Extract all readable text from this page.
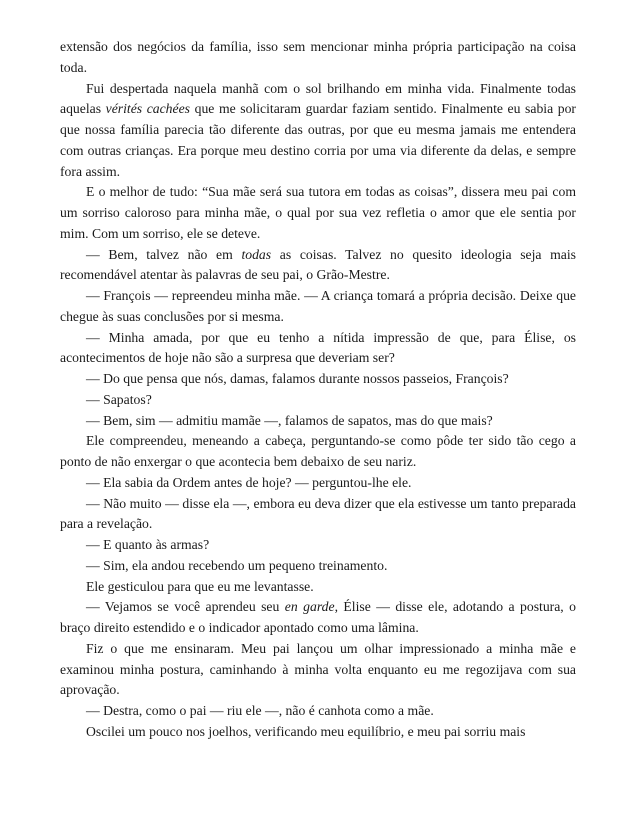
extensão dos negócios da família, isso sem mencionar minha própria participação na coisa toda.

Fui despertada naquela manhã com o sol brilhando em minha vida. Finalmente todas aquelas vérités cachées que me solicitaram guardar faziam sentido. Finalmente eu sabia por que nossa família parecia tão diferente das outras, por que eu mesma jamais me entendera com outras crianças. Era porque meu destino corria por uma via diferente da delas, e sempre fora assim.

E o melhor de tudo: “Sua mãe será sua tutora em todas as coisas”, dissera meu pai com um sorriso caloroso para minha mãe, o qual por sua vez refletia o amor que ele sentia por mim. Com um sorriso, ele se deteve.

— Bem, talvez não em todas as coisas. Talvez no quesito ideologia seja mais recomendável atentar às palavras de seu pai, o Grão-Mestre.

— François — repreendeu minha mãe. — A criança tomará a própria decisão. Deixe que chegue às suas conclusões por si mesma.

— Minha amada, por que eu tenho a nítida impressão de que, para Élise, os acontecimentos de hoje não são a surpresa que deveriam ser?

— Do que pensa que nós, damas, falamos durante nossos passeios, François?

— Sapatos?

— Bem, sim — admitiu mamãe —, falamos de sapatos, mas do que mais?

Ele compreendeu, meneando a cabeça, perguntando-se como pôde ter sido tão cego a ponto de não enxergar o que acontecia bem debaixo de seu nariz.

— Ela sabia da Ordem antes de hoje? — perguntou-lhe ele.

— Não muito — disse ela —, embora eu deva dizer que ela estivesse um tanto preparada para a revelação.

— E quanto às armas?

— Sim, ela andou recebendo um pequeno treinamento.

Ele gesticulou para que eu me levantasse.

— Vejamos se você aprendeu seu en garde, Élise — disse ele, adotando a postura, o braço direito estendido e o indicador apontado como uma lâmina.

Fiz o que me ensinaram. Meu pai lançou um olhar impressionado a minha mãe e examinou minha postura, caminhando à minha volta enquanto eu me regozijava com sua aprovação.

— Destra, como o pai — riu ele —, não é canhota como a mãe.

Oscilei um pouco nos joelhos, verificando meu equilíbrio, e meu pai sorriu mais
